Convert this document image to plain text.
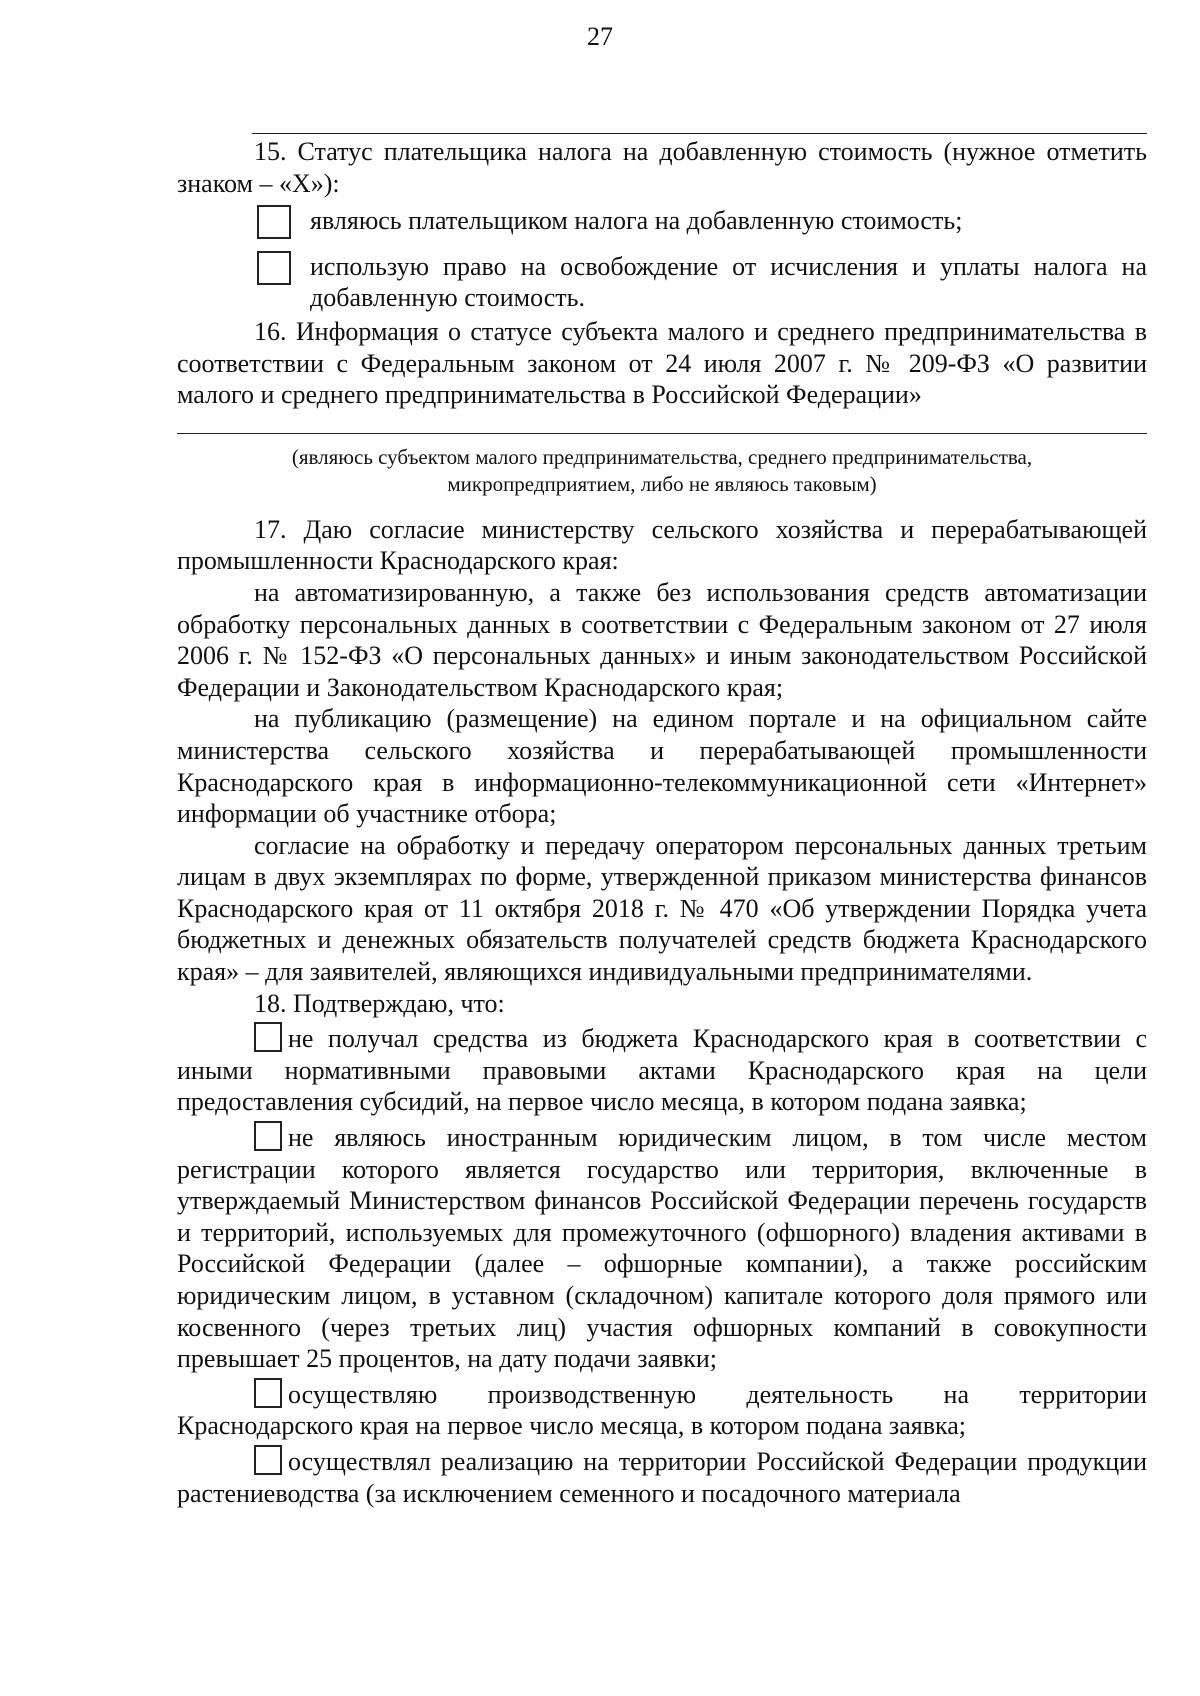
27

15. Статус плательщика налога на добавленную стоимость (нужное отметить знаком – «Х»):

являюсь плательщиком налога на добавленную стоимость;
использую право на освобождение от исчисления и уплаты налога на добавленную стоимость.

16. Информация о статусе субъекта малого и среднего предпринимательства в соответствии с Федеральным законом от 24 июля 2007 г. № 209-ФЗ «О развитии малого и среднего предпринимательства в Российской Федерации»

(являюсь субъектом малого предпринимательства, среднего предпринимательства,
микропредприятием, либо не являюсь таковым)

17. Даю согласие министерству сельского хозяйства и перерабатывающей промышленности Краснодарского края:

на автоматизированную, а также без использования средств автоматизации обработку персональных данных в соответствии с Федеральным законом от 27 июля 2006 г. № 152-ФЗ «О персональных данных» и иным законодательством Российской Федерации и Законодательством Краснодарского края;

на публикацию (размещение) на едином портале и на официальном сайте министерства сельского хозяйства и перерабатывающей промышленности Краснодарского края в информационно-телекоммуникационной сети «Интернет» информации об участнике отбора;

согласие на обработку и передачу оператором персональных данных третьим лицам в двух экземплярах по форме, утвержденной приказом министерства финансов Краснодарского края от 11 октября 2018 г. № 470 «Об утверждении Порядка учета бюджетных и денежных обязательств получателей средств бюджета Краснодарского края» – для заявителей, являющихся индивидуальными предпринимателями.

18. Подтверждаю, что:

не получал средства из бюджета Краснодарского края в соответствии с иными нормативными правовыми актами Краснодарского края на цели предоставления субсидий, на первое число месяца, в котором подана заявка;

не являюсь иностранным юридическим лицом, в том числе местом регистрации которого является государство или территория, включенные в утверждаемый Министерством финансов Российской Федерации перечень государств и территорий, используемых для промежуточного (офшорного) владения активами в Российской Федерации (далее – офшорные компании), а также российским юридическим лицом, в уставном (складочном) капитале которого доля прямого или косвенного (через третьих лиц) участия офшорных компаний в совокупности превышает 25 процентов, на дату подачи заявки;

осуществляю производственную деятельность на территории Краснодарского края на первое число месяца, в котором подана заявка;

осуществлял реализацию на территории Российской Федерации продукции растениеводства (за исключением семенного и посадочного материала
